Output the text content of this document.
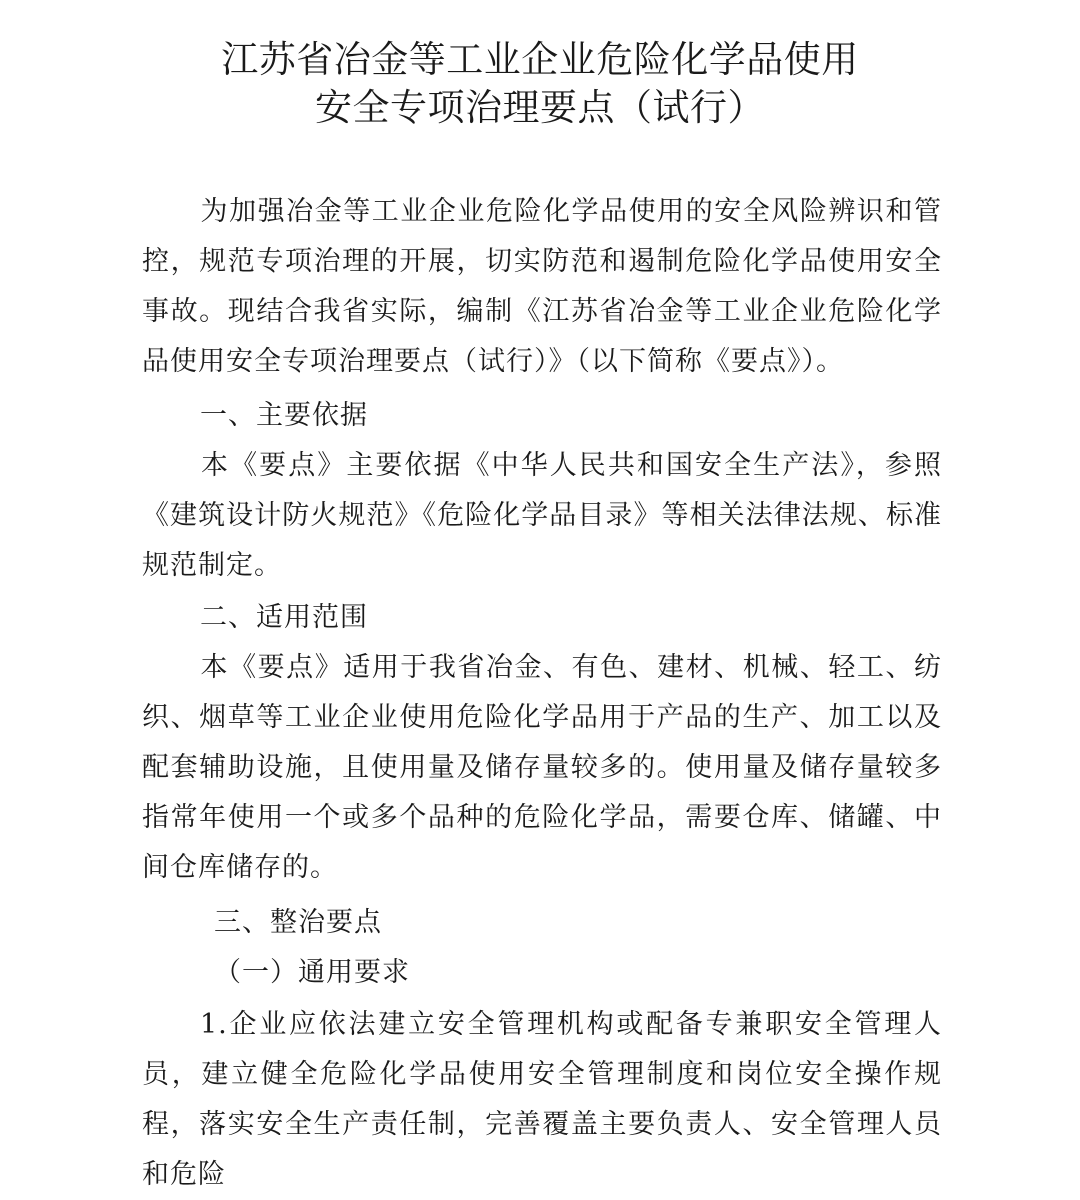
江苏省冶金等工业企业危险化学品使用
安全专项治理要点（试行）
为加强冶金等工业企业危险化学品使用的安全风险辨识和管控，规范专项治理的开展，切实防范和遏制危险化学品使用安全事故。现结合我省实际，编制《江苏省冶金等工业企业危险化学品使用安全专项治理要点（试行）》（以下简称《要点》）。
一、主要依据
本《要点》主要依据《中华人民共和国安全生产法》，参照《建筑设计防火规范》《危险化学品目录》等相关法律法规、标准规范制定。
二、适用范围
本《要点》适用于我省冶金、有色、建材、机械、轻工、纺织、烟草等工业企业使用危险化学品用于产品的生产、加工以及配套辅助设施，且使用量及储存量较多的。使用量及储存量较多指常年使用一个或多个品种的危险化学品，需要仓库、储罐、中间仓库储存的。
三、整治要点
（一）通用要求
1.企业应依法建立安全管理机构或配备专兼职安全管理人员，建立健全危险化学品使用安全管理制度和岗位安全操作规程，落实安全生产责任制，完善覆盖主要负责人、安全管理人员和危险
